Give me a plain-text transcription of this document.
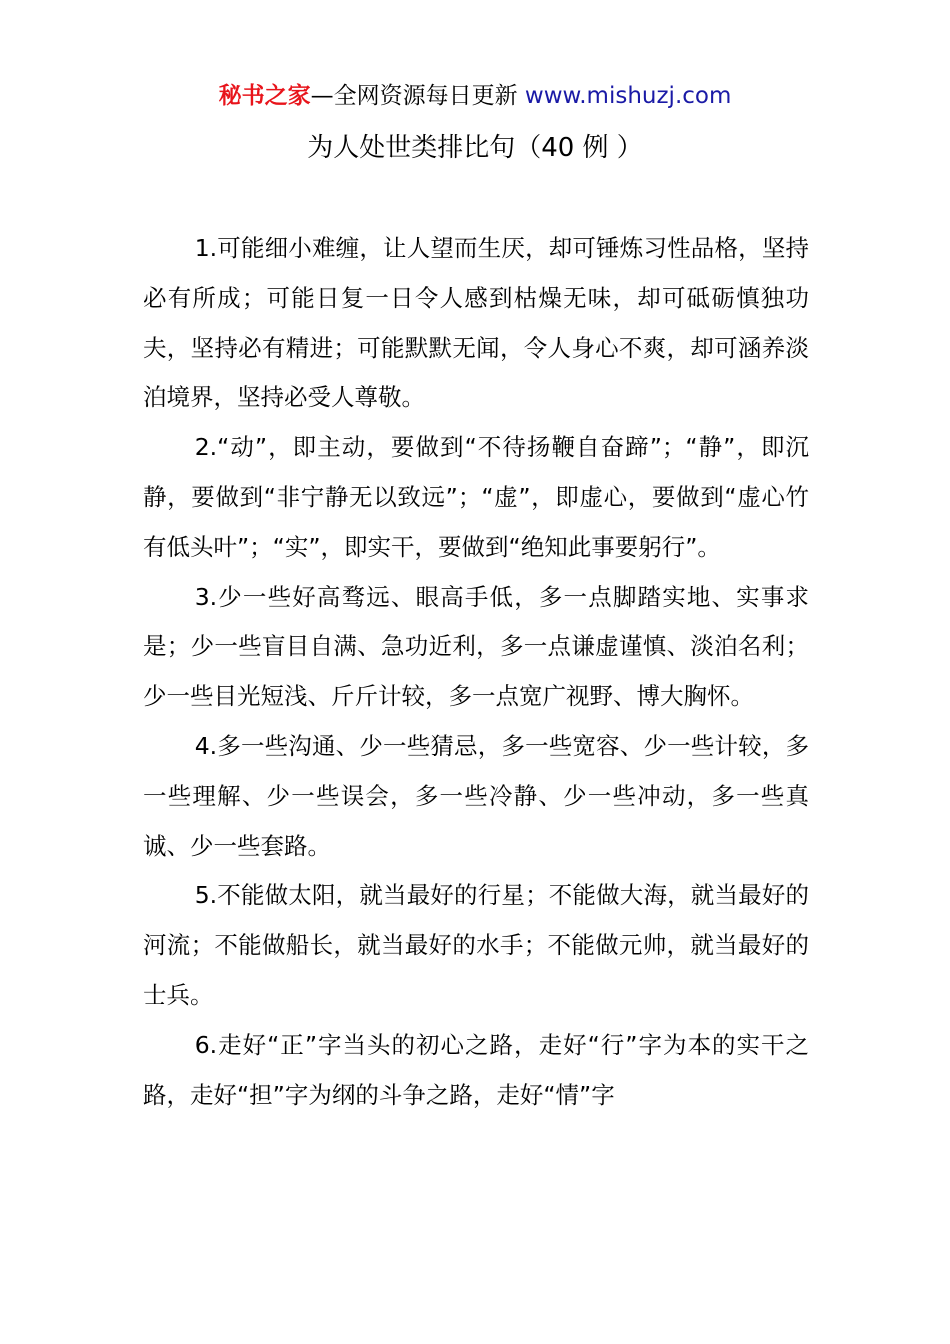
秘书之家—全网资源每日更新 www.mishuzj.com
为人处世类排比句（40 例 ）

1.可能细小难缠，让人望而生厌，却可锤炼习性品格，坚持必有所成；可能日复一日令人感到枯燥无味，却可砥砺慎独功夫，坚持必有精进；可能默默无闻，令人身心不爽，却可涵养淡泊境界，坚持必受人尊敬。

2.“动”，即主动，要做到“不待扬鞭自奋蹄”；“静”，即沉静，要做到“非宁静无以致远”；“虚”，即虚心，要做到“虚心竹有低头叶”；“实”，即实干，要做到“绝知此事要躬行”。

3.少一些好高骛远、眼高手低，多一点脚踏实地、实事求是；少一些盲目自满、急功近利，多一点谦虚谨慎、淡泊名利；少一些目光短浅、斤斤计较，多一点宽广视野、博大胸怀。

4.多一些沟通、少一些猜忌，多一些宽容、少一些计较，多一些理解、少一些误会，多一些冷静、少一些冲动，多一些真诚、少一些套路。

5.不能做太阳，就当最好的行星；不能做大海，就当最好的河流；不能做船长，就当最好的水手；不能做元帅，就当最好的士兵。

6.走好“正”字当头的初心之路，走好“行”字为本的实干之路，走好“担”字为纲的斗争之路，走好“情”字
